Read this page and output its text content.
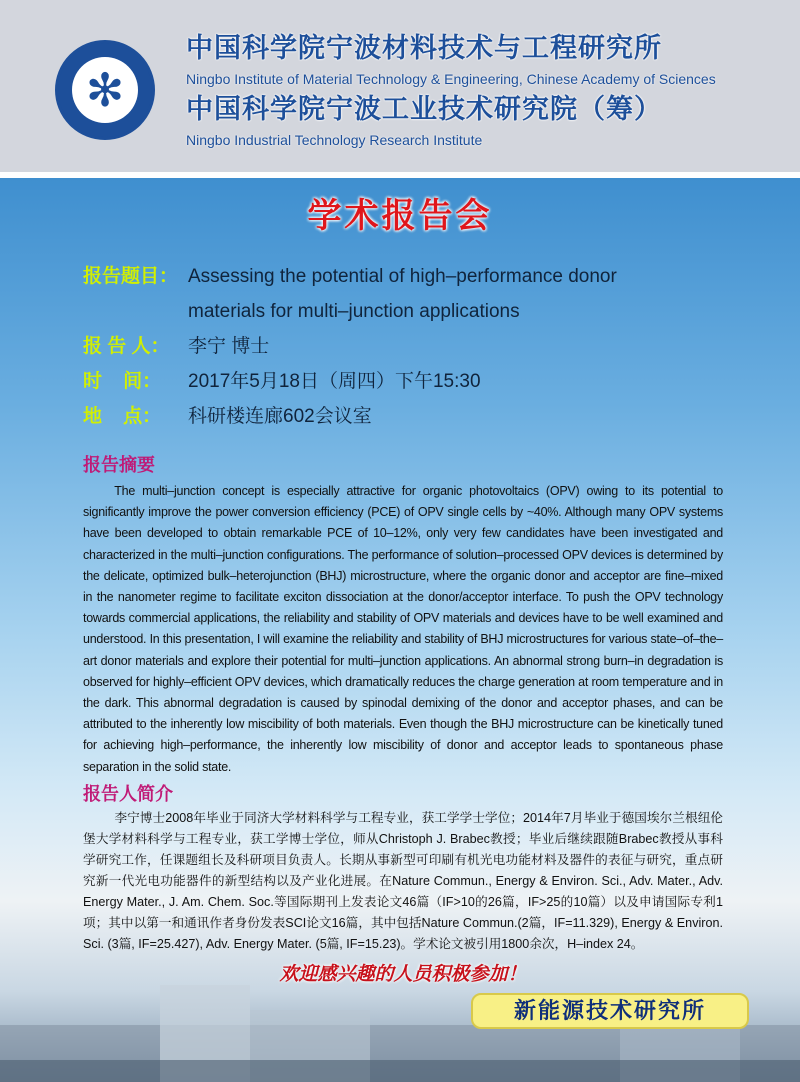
✻
中国科学院宁波材料技术与工程研究所
Ningbo Institute of Material Technology & Engineering, Chinese Academy of Sciences
中国科学院宁波工业技术研究院（筹）
Ningbo Industrial Technology Research Institute
学术报告会
报告题目： Assessing the potential of high–performance donor
materials for multi–junction applications
报 告 人： 李宁 博士
时    间： 2017年5月18日（周四）下午15:30
地    点： 科研楼连廊602会议室
报告摘要
The multi–junction concept is especially attractive for organic photovoltaics (OPV) owing to its potential to significantly improve the power conversion efficiency (PCE) of OPV single cells by ~40%. Although many OPV systems have been developed to obtain remarkable PCE of 10–12%, only very few candidates have been investigated and characterized in the multi–junction configurations. The performance of solution–processed OPV devices is determined by the delicate, optimized bulk–heterojunction (BHJ) microstructure, where the organic donor and acceptor are fine–mixed in the nanometer regime to facilitate exciton dissociation at the donor/acceptor interface. To push the OPV technology towards commercial applications, the reliability and stability of OPV materials and devices have to be well examined and understood. In this presentation, I will examine the reliability and stability of BHJ microstructures for various state–of–the–art donor materials and explore their potential for multi–junction applications. An abnormal strong burn–in degradation is observed for highly–efficient OPV devices, which dramatically reduces the charge generation at room temperature and in the dark. This abnormal degradation is caused by spinodal demixing of the donor and acceptor phases, and can be attributed to the inherently low miscibility of both materials. Even though the BHJ microstructure can be kinetically tuned for achieving high–performance, the inherently low miscibility of donor and acceptor leads to spontaneous phase separation in the solid state.
报告人简介
李宁博士2008年毕业于同济大学材料科学与工程专业，获工学学士学位；2014年7月毕业于德国埃尔兰根纽伦堡大学材料科学与工程专业，获工学博士学位，师从Christoph J. Brabec教授；毕业后继续跟随Brabec教授从事科学研究工作，任课题组长及科研项目负责人。长期从事新型可印刷有机光电功能材料及器件的表征与研究，重点研究新一代光电功能器件的新型结构以及产业化进展。在Nature Commun., Energy & Environ. Sci., Adv. Mater., Adv. Energy Mater., J. Am. Chem. Soc.等国际期刊上发表论文46篇（IF>10的26篇，IF>25的10篇）以及申请国际专利1项；其中以第一和通讯作者身份发表SCI论文16篇，其中包括Nature Commun.(2篇，IF=11.329), Energy & Environ. Sci. (3篇, IF=25.427), Adv. Energy Mater. (5篇, IF=15.23)。学术论文被引用1800余次，H–index 24。
欢迎感兴趣的人员积极参加！
新能源技术研究所
